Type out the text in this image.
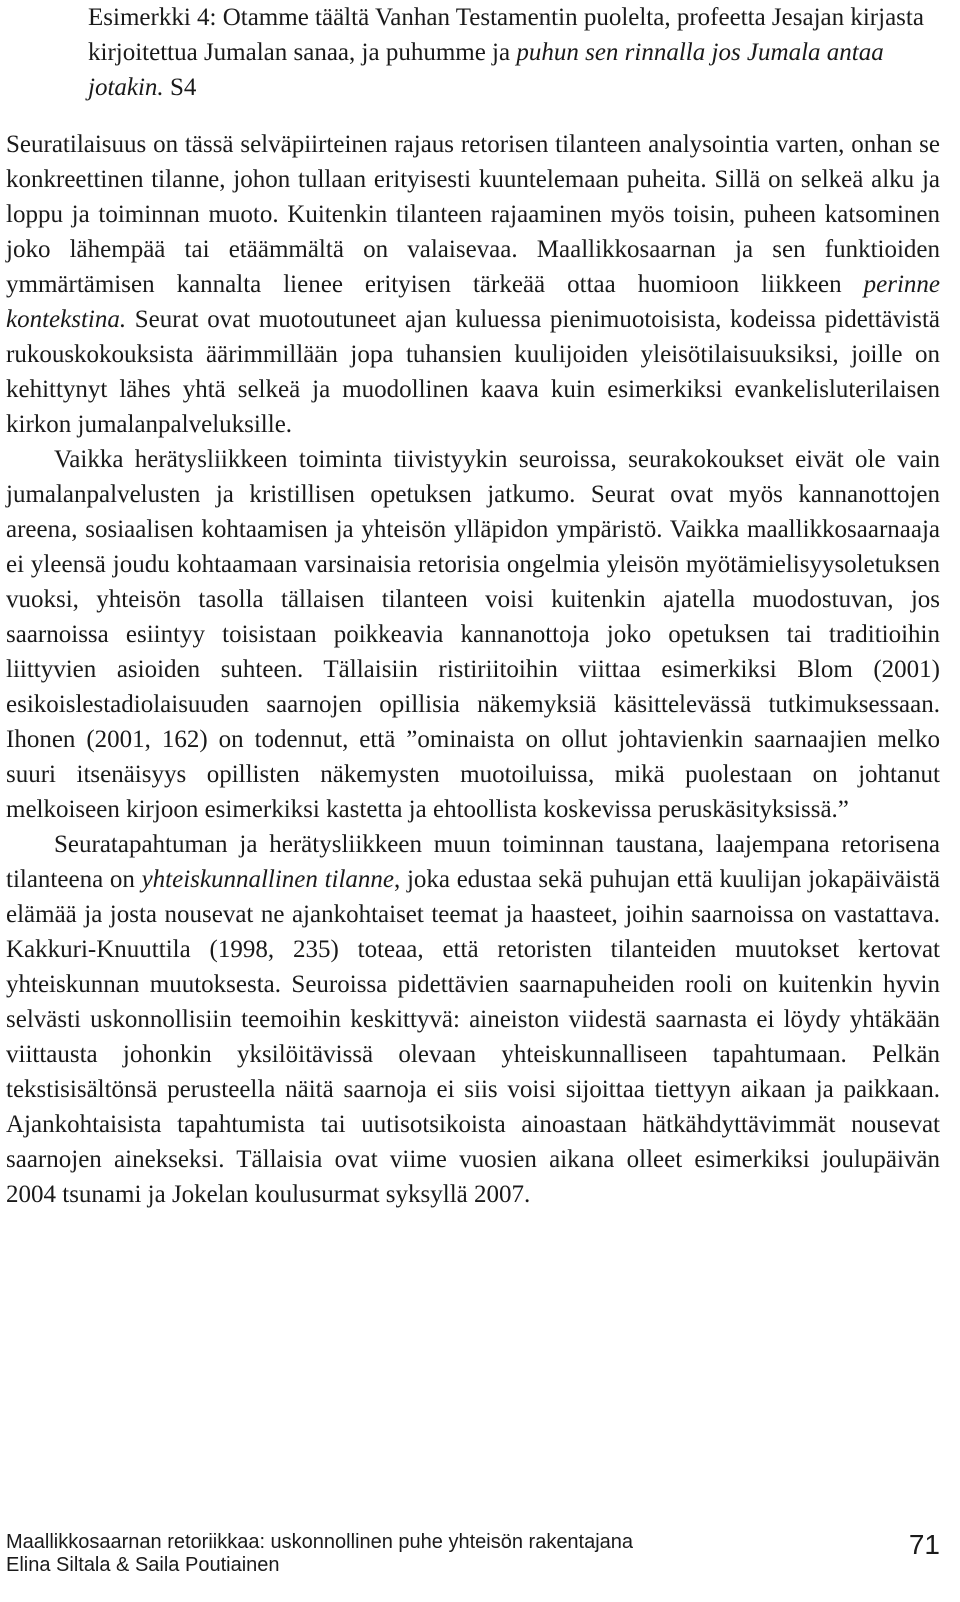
Esimerkki 4: Otamme täältä Vanhan Testamentin puolelta, profeetta Jesajan kirjasta kirjoitettua Jumalan sanaa, ja puhumme ja puhun sen rinnalla jos Jumala antaa jotakin. S4

Seuratilaisuus on tässä selväpiirteinen rajaus retorisen tilanteen analysointia varten, onhan se konkreettinen tilanne, johon tullaan erityisesti kuuntelemaan puheita. Sillä on selkeä alku ja loppu ja toiminnan muoto. Kuitenkin tilanteen rajaaminen myös toisin, puheen katsominen joko lähempää tai etäämmältä on valaisevaa. Maallikkosaarnan ja sen funktioiden ymmärtämisen kannalta lienee erityisen tärkeää ottaa huomioon liikkeen perinne kontekstina. Seurat ovat muotoutuneet ajan kuluessa pienimuotoisista, kodeissa pidettävistä rukouskokouksista äärimmillään jopa tuhansien kuulijoiden yleisötilaisuuksiksi, joille on kehittynyt lähes yhtä selkeä ja muodollinen kaava kuin esimerkiksi evankelisluterilaisen kirkon jumalanpalveluksille.

Vaikka herätysliikkeen toiminta tiivistyykin seuroissa, seurakokoukset eivät ole vain jumalanpalvelusten ja kristillisen opetuksen jatkumo. Seurat ovat myös kannanottojen areena, sosiaalisen kohtaamisen ja yhteisön ylläpidon ympäristö. Vaikka maallikkosaarnaaja ei yleensä joudu kohtaamaan varsinaisia retorisia ongelmia yleisön myötämielisyysoletuksen vuoksi, yhteisön tasolla tällaisen tilanteen voisi kuitenkin ajatella muodostuvan, jos saarnoissa esiintyy toisistaan poikkeavia kannanottoja joko opetuksen tai traditioihin liittyvien asioiden suhteen. Tällaisiin ristiriitoihin viittaa esimerkiksi Blom (2001) esikoislestadiolaisuuden saarnojen opillisia näkemyksiä käsittelevässä tutkimuksessaan. Ihonen (2001, 162) on todennut, että ”ominaista on ollut johtavienkin saarnaajien melko suuri itsenäisyys opillisten näkemysten muotoiluissa, mikä puolestaan on johtanut melkoiseen kirjoon esimerkiksi kastetta ja ehtoollista koskevissa peruskäsityksissä.”

Seuratapahtuman ja herätysliikkeen muun toiminnan taustana, laajempana retorisena tilanteena on yhteiskunnallinen tilanne, joka edustaa sekä puhujan että kuulijan jokapäiväistä elämää ja josta nousevat ne ajankohtaiset teemat ja haasteet, joihin saarnoissa on vastattava. Kakkuri-Knuuttila (1998, 235) toteaa, että retoristen tilanteiden muutokset kertovat yhteiskunnan muutoksesta. Seuroissa pidettävien saarnapuheiden rooli on kuitenkin hyvin selvästi uskonnollisiin teemoihin keskittyvä: aineiston viidestä saarnasta ei löydy yhtäkään viittausta johonkin yksilöitävissä olevaan yhteiskunnalliseen tapahtumaan. Pelkän tekstisisältönsä perusteella näitä saarnoja ei siis voisi sijoittaa tiettyyn aikaan ja paikkaan. Ajankohtaisista tapahtumista tai uutisotsikoista ainoastaan hätkähdyttävimmät nousevat saarnojen ainekseksi. Tällaisia ovat viime vuosien aikana olleet esimerkiksi joulupäivän 2004 tsunami ja Jokelan koulusurmat syksyllä 2007.

Maallikkosaarnan retoriikkaa: uskonnollinen puhe yhteisön rakentajana
Elina Siltala & Saila Poutiainen
71
